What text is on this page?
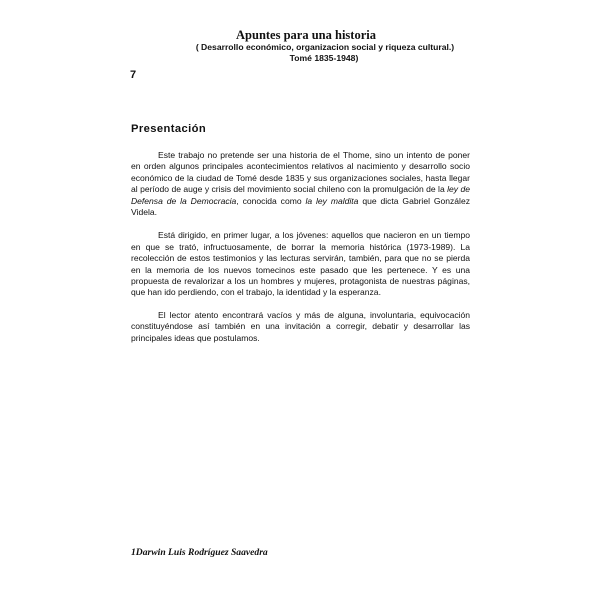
Apuntes para una historia
( Desarrollo económico, organizacion social y riqueza cultural.)
Tomé 1835-1948)
7
Presentación

Este trabajo no pretende ser una historia de el Thome, sino un intento de poner en orden algunos principales acontecimientos relativos al nacimiento y desarrollo socio económico de la ciudad de Tomé desde 1835 y sus organizaciones sociales, hasta llegar al período de auge y crisis del movimiento social chileno con la promulgación de la ley de Defensa de la Democracia, conocida como la ley maldita que dicta Gabriel González Videla.

Está dirigido, en primer lugar, a los jóvenes: aquellos que nacieron en un tiempo en que se trató, infructuosamente, de borrar la memoria histórica (1973-1989). La recolección de estos testimonios y las lecturas servirán, también, para que no se pierda en la memoria de los nuevos tomecinos este pasado que les pertenece. Y es una propuesta de revalorizar a los un hombres y mujeres, protagonista de nuestras páginas, que han ido perdiendo, con el trabajo, la identidad y la esperanza.

El lector atento encontrará vacíos y más de alguna, involuntaria, equivocación constituyéndose así también en una invitación a corregir, debatir y desarrollar las principales ideas que postulamos.

1Darwin Luis Rodríguez Saavedra
